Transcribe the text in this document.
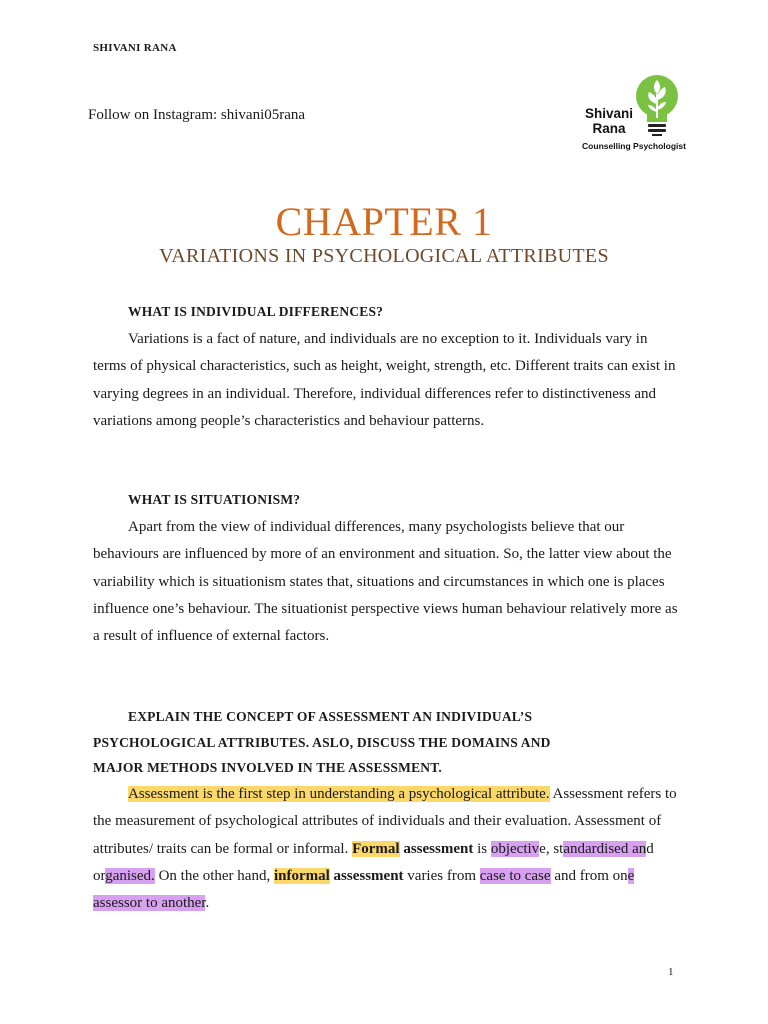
SHIVANI RANA
Follow on Instagram: shivani05rana	Shivani
Rana
Counselling Psychologist
CHAPTER 1
VARIATIONS IN PSYCHOLOGICAL ATTRIBUTES
WHAT IS INDIVIDUAL DIFFERENCES?

Variations is a fact of nature, and individuals are no exception to it. Individuals vary in terms of physical characteristics, such as height, weight, strength, etc. Different traits can exist in varying degrees in an individual. Therefore, individual differences refer to distinctiveness and variations among people’s characteristics and behaviour patterns.

WHAT IS SITUATIONISM?

Apart from the view of individual differences, many psychologists believe that our behaviours are influenced by more of an environment and situation. So, the latter view about the variability which is situationism states that, situations and circumstances in which one is places influence one’s behaviour. The situationist perspective views human behaviour relatively more as a result of influence of external factors.

EXPLAIN THE CONCEPT OF ASSESSMENT AN INDIVIDUAL’S
PSYCHOLOGICAL ATTRIBUTES. ASLO, DISCUSS THE DOMAINS AND
MAJOR METHODS INVOLVED IN THE ASSESSMENT.

Assessment is the first step in understanding a psychological attribute. Assessment refers to the measurement of psychological attributes of individuals and their evaluation. Assessment of attributes/ traits can be formal or informal. Formal assessment is objective, standardised and organised. On the other hand, informal assessment varies from case to case and from one assessor to another.

1
